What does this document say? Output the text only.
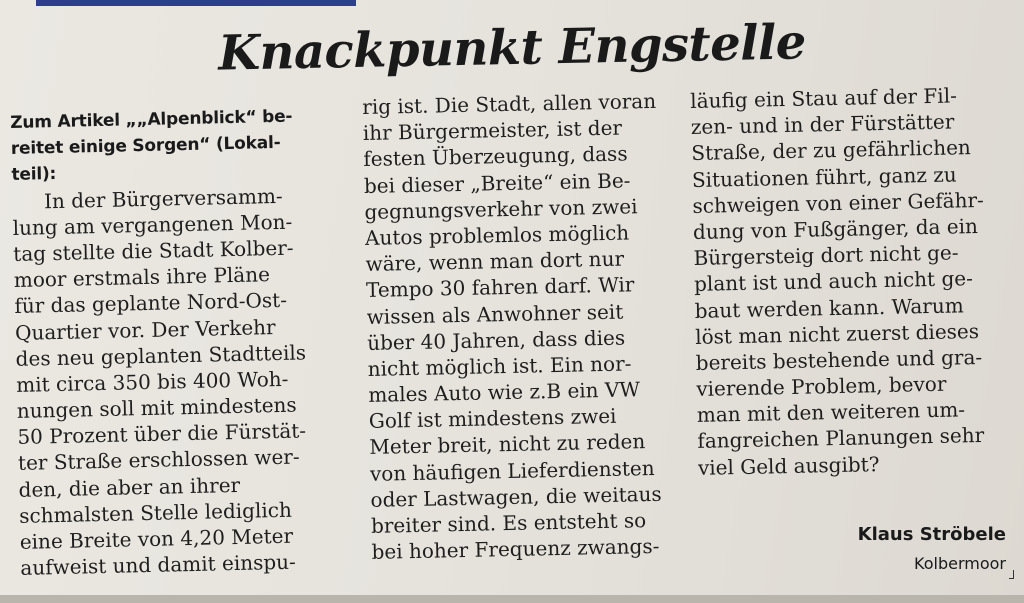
Knackpunkt Engstelle
Zum Artikel „„Alpenblick“ be-
reitet einige Sorgen“ (Lokal-
teil):
In der Bürgerversamm-
lung am vergangenen Mon-
tag stellte die Stadt Kolber-
moor erstmals ihre Pläne
für das geplante Nord-Ost-
Quartier vor. Der Verkehr
des neu geplanten Stadtteils
mit circa 350 bis 400 Woh-
nungen soll mit mindestens
50 Prozent über die Fürstät-
ter Straße erschlossen wer-
den, die aber an ihrer
schmalsten Stelle lediglich
eine Breite von 4,20 Meter
aufweist und damit einspu-
rig ist. Die Stadt, allen voran
ihr Bürgermeister, ist der
festen Überzeugung, dass
bei dieser „Breite“ ein Be-
gegnungsverkehr von zwei
Autos problemlos möglich
wäre, wenn man dort nur
Tempo 30 fahren darf. Wir
wissen als Anwohner seit
über 40 Jahren, dass dies
nicht möglich ist. Ein nor-
males Auto wie z.B ein VW
Golf ist mindestens zwei
Meter breit, nicht zu reden
von häufigen Lieferdiensten
oder Lastwagen, die weitaus
breiter sind. Es entsteht so
bei hoher Frequenz zwangs-
läufig ein Stau auf der Fil-
zen- und in der Fürstätter
Straße, der zu gefährlichen
Situationen führt, ganz zu
schweigen von einer Gefähr-
dung von Fußgänger, da ein
Bürgersteig dort nicht ge-
plant ist und auch nicht ge-
baut werden kann. Warum
löst man nicht zuerst dieses
bereits bestehende und gra-
vierende Problem, bevor
man mit den weiteren um-
fangreichen Planungen sehr
viel Geld ausgibt?
Klaus Ströbele
Kolbermoor
